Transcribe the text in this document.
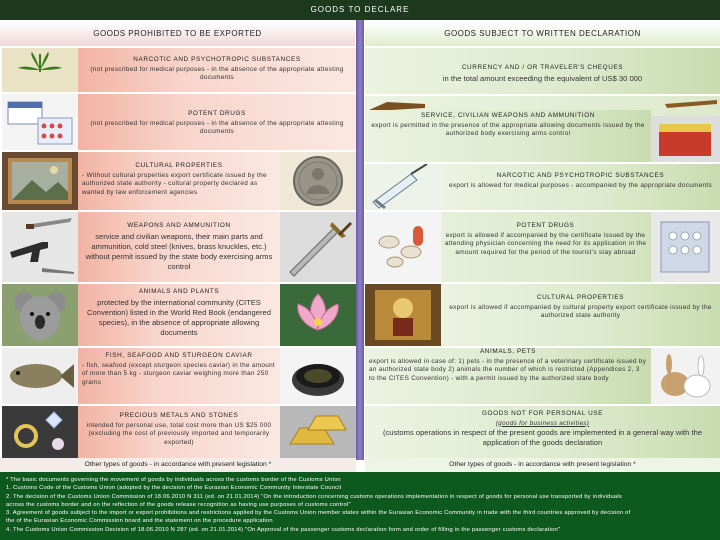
GOODS TO DECLARE
GOODS PROHIBITED TO BE EXPORTED	GOODS SUBJECT TO WRITTEN DECLARATION
NARCOTIC AND PSYCHOTROPIC SUBSTANCES
(not prescribed for medical purposes - in the absence of the appropriate attesting documents
POTENT DRUGS
(not prescribed for medical purposes - in the absence of the appropriate attesting documents
CULTURAL PROPERTIES
- Without cultural properties export certificate issued by the authorized state authority - cultural property declared as wanted by law enforcement agencies
WEAPONS AND AMMUNITION
service and civilian weapons, their main parts and ammunition, cold steel (knives, brass knuckles, etc.) without permit issued by the state body exercising arms control
ANIMALS AND PLANTS
protected by the international community (CITES Convention) listed in the World Red Book (endangered species), in the absence of appropriate allowing documents
FISH, SEAFOOD AND STURGEON CAVIAR
- fish, seafood (except sturgeon species caviar) in the amount of more than 5 kg - sturgeon caviar weighing more than 250 grams
PRECIOUS METALS AND STONES
intended for personal use, total cost more than US $25 000 (excluding the cost of previously imported and temporarily exported)
Other types of goods - in accordance with present legislation *
CURRENCY AND / OR TRAVELER'S CHEQUES
in the total amount exceeding the equivalent of US$ 30 000
SERVICE, CIVILIAN WEAPONS AND AMMUNITION
export is permitted in the presence of the appropriate allowing documents issued by the authorized body exercising arms control
NARCOTIC AND PSYCHOTROPIC SUBSTANCES
export is allowed for medical purposes - accompanied by the appropriate documents
POTENT DRUGS
export is allowed if accompanied by the certificate issued by the attending physician concerning the need for its application in the amount required for the period of the tourist's stay abroad
CULTURAL PROPERTIES
export is allowed if accompanied by cultural property export certificate issued by the authorized state authority
ANIMALS, PETS
export is allowed in case of: 1) pets - in the presence of a veterinary certificate issued by an authorized state body 2) animals the number of which is restricted (Appendices 2, 3 to the CITES Convention) - with a permit issued by the authorized state body
GOODS NOT FOR PERSONAL USE
(goods for business activities)
(customs operations in respect of the present goods are implemented in a general way with the application of the goods declaration
Other types of goods - in accordance with present legislation *
* The basic documents governing the movement of goods by individuals across the customs border of the Customs Union
1. Customs Code of the Customs Union (adopted by the decision of the Eurasian Economic Community Interstate Council
2. The decision of the Customs Union Commission of 18.06.2010 N 311 (ed. on 21.01.2014) "On the introduction concerning customs operations implementation in respect of goods for personal use transported by individuals
across the customs border and on the reflection of the goods release recognition as having use purposes of customs control"
3. Agreement of goods subject to the import or export prohibitions and restrictions applied by the Customs Union member states within the Eurasian Economic Community in trade with the third countries approved by decision of
the of the Eurasian Economic Commission board and the statement on the procedure application
4. The Customs Union Commission Decision of 18.06.2010 N 287 (ed. on 21.01.2014) "On Approval of the passenger customs declaration form and order of filling in the passenger customs declaration"
